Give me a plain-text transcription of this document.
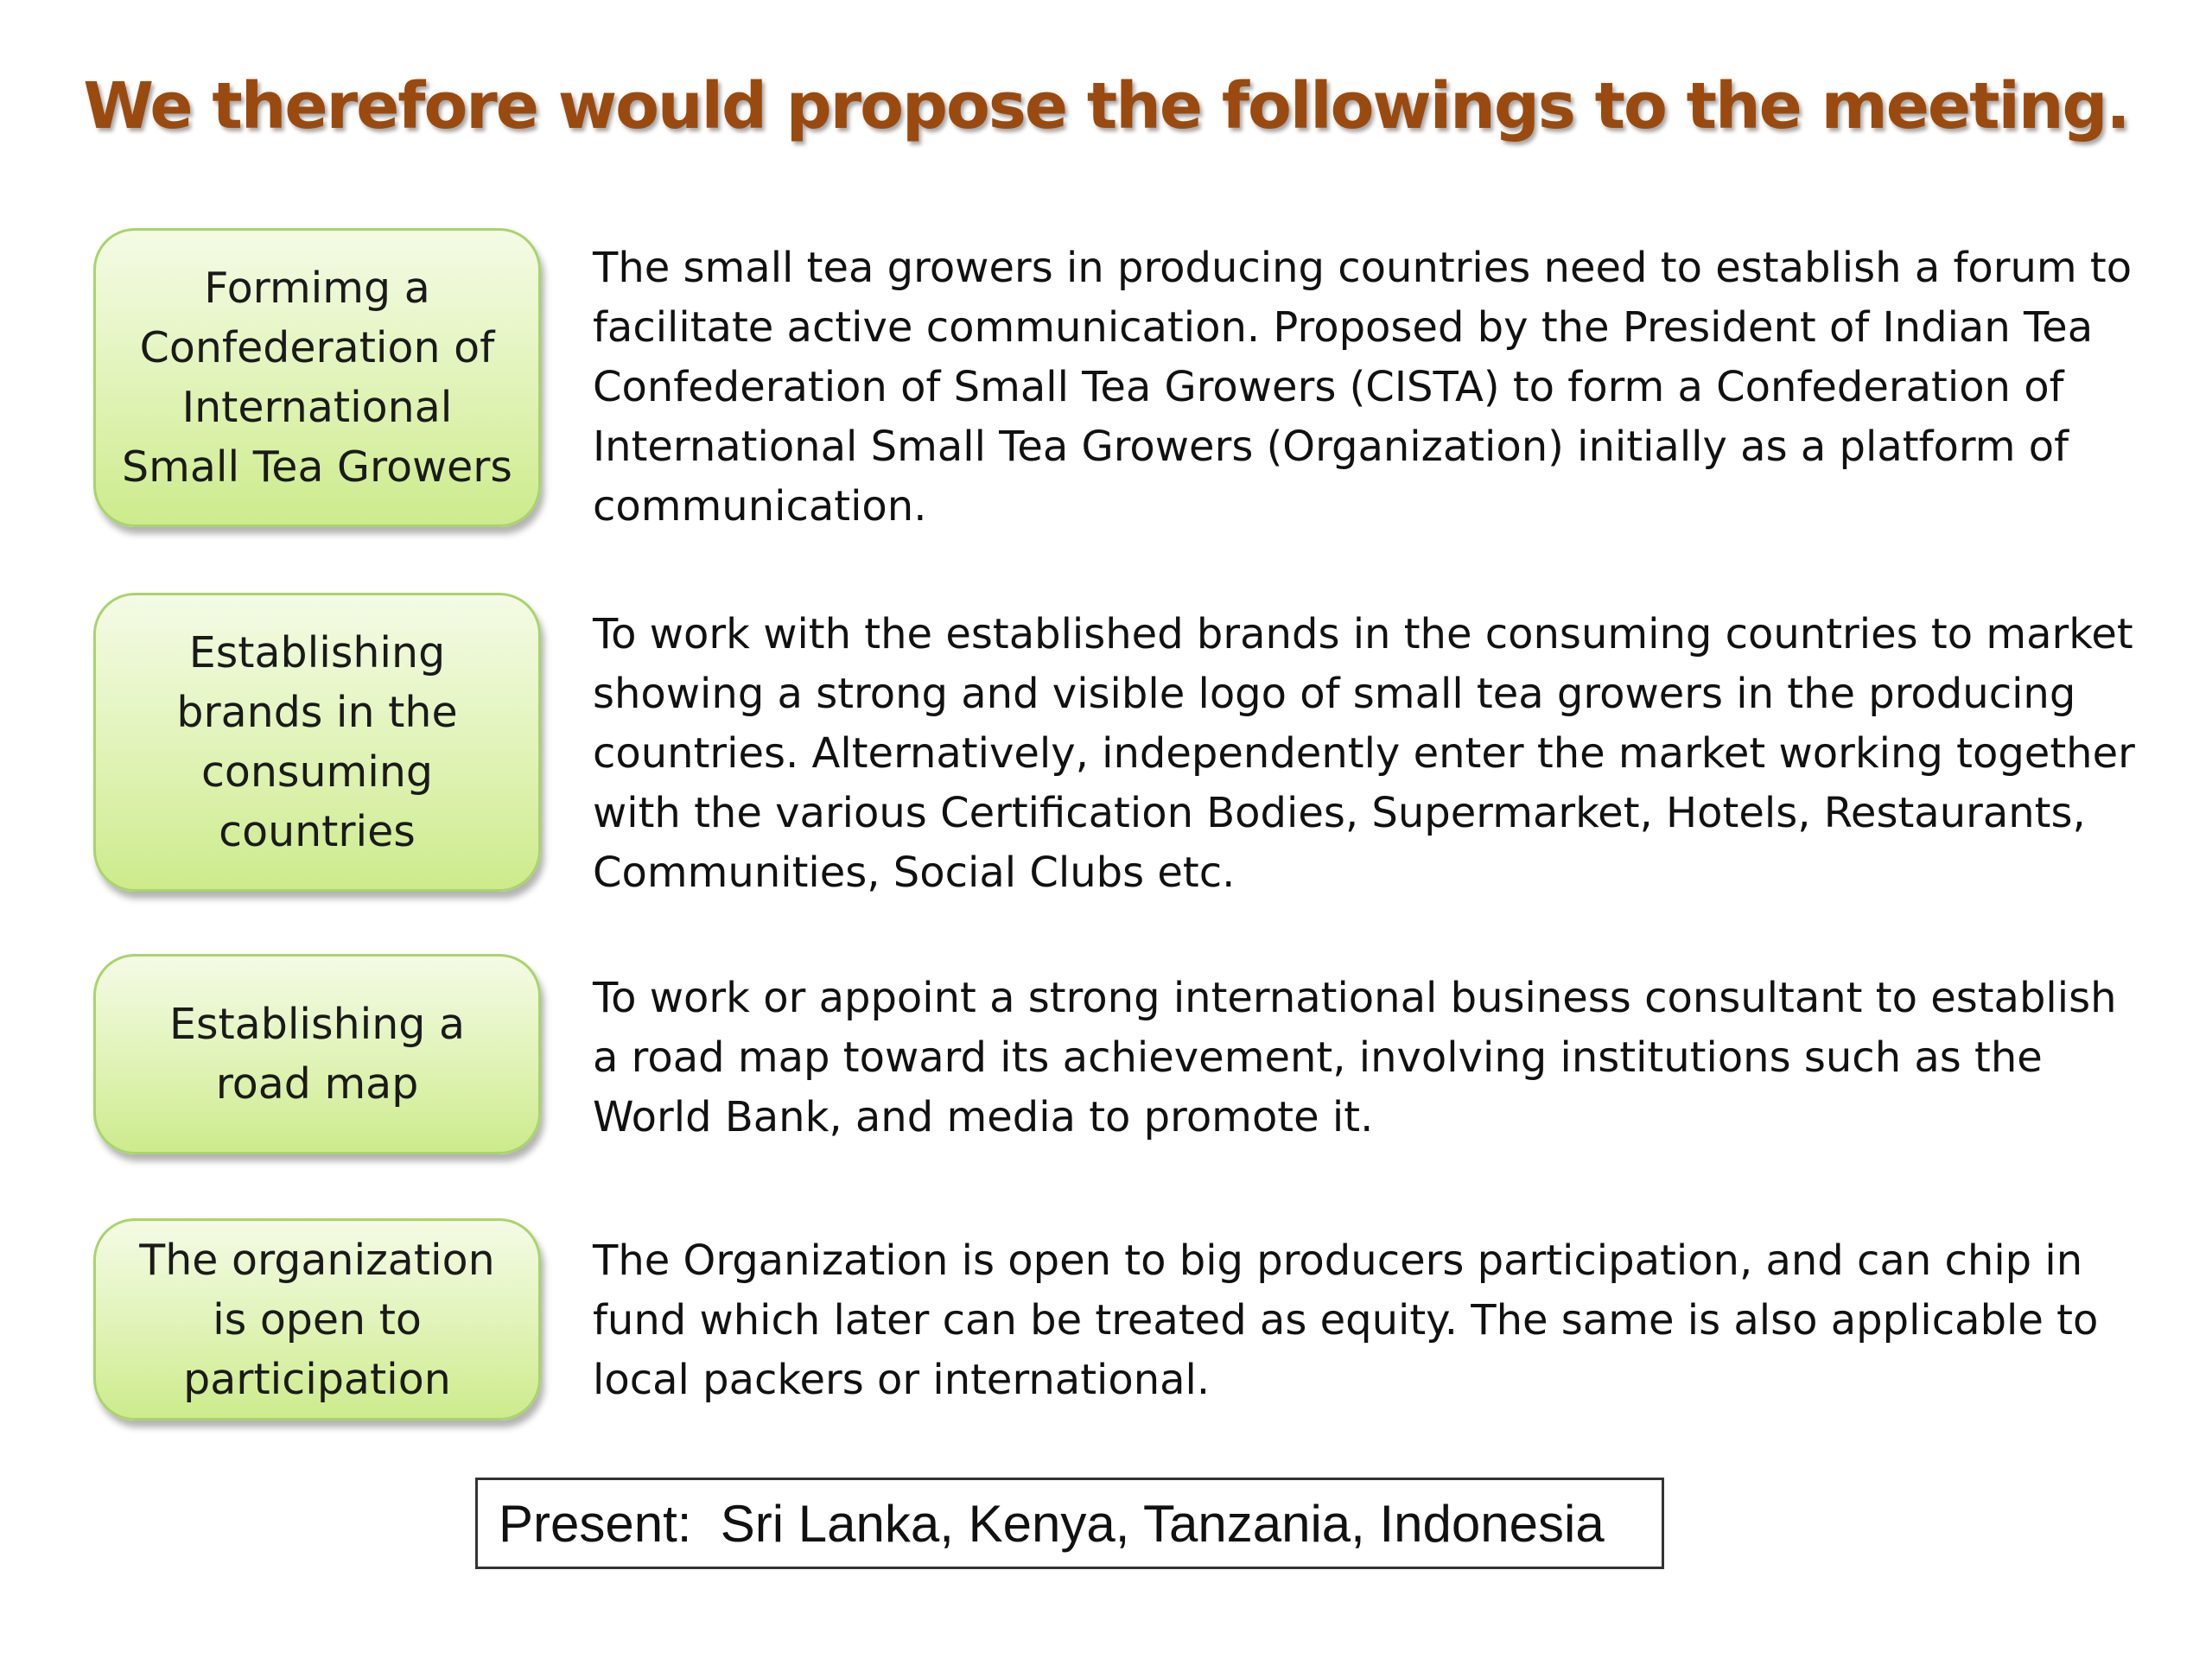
We therefore would propose the followings to the meeting.
Formimg a Confederation of International Small Tea Growers
The small tea growers in producing countries need to establish a forum to facilitate active communication. Proposed by the President of Indian Tea Confederation of Small Tea Growers (CISTA) to form a Confederation of International Small Tea Growers (Organization) initially as a platform of communication.
Establishing brands in the consuming countries
To work with the established brands in the consuming countries to market showing a strong and visible logo of small tea growers in the producing countries. Alternatively, independently enter the market working together with the various Certification Bodies, Supermarket, Hotels, Restaurants, Communities, Social Clubs etc.
Establishing a road map
To work or appoint a strong international business consultant to establish a road map toward its achievement, involving institutions such as the World Bank, and media to promote it.
The organization is open to participation
The Organization is open to big producers participation, and can chip in fund which later can be treated as equity. The same is also applicable to local packers or international.
Present:  Sri Lanka, Kenya, Tanzania, Indonesia
